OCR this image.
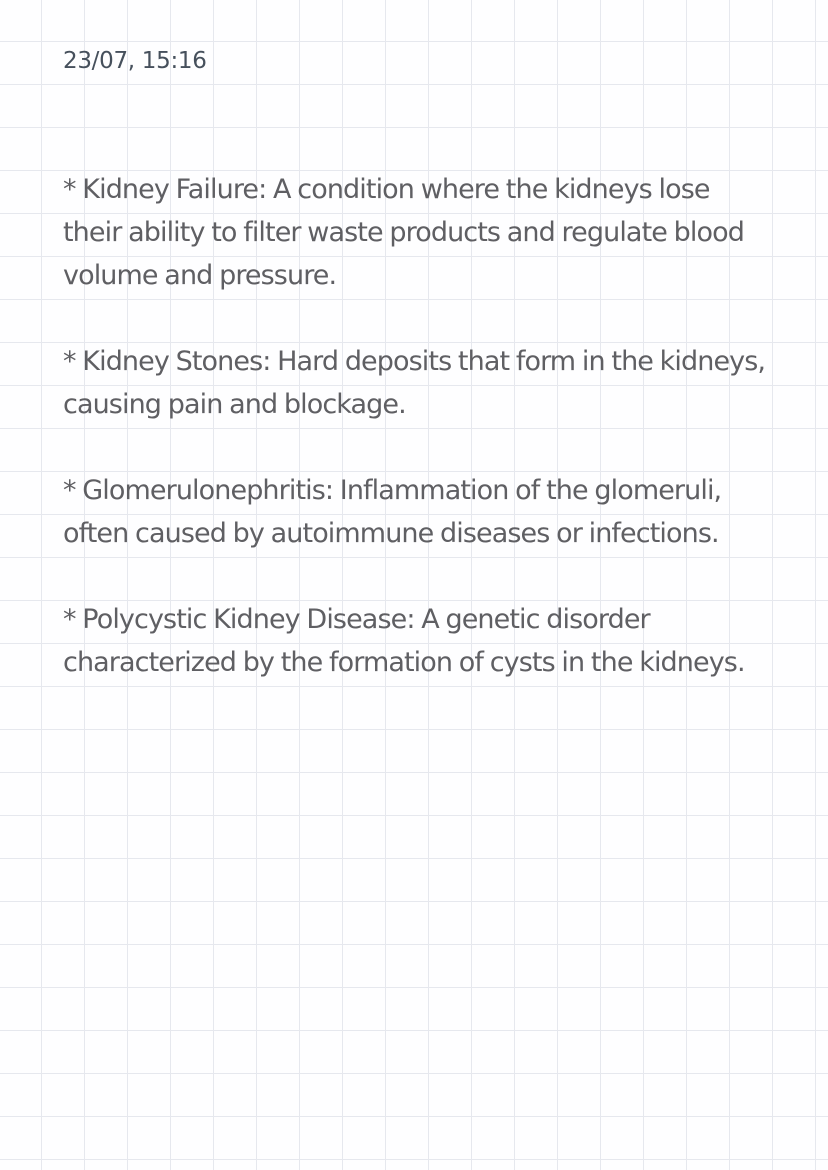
23/07, 15:16

* Kidney Failure: A condition where the kidneys lose their ability to filter waste products and regulate blood volume and pressure.

* Kidney Stones: Hard deposits that form in the kidneys, causing pain and blockage.

* Glomerulonephritis: Inflammation of the glomeruli, often caused by autoimmune diseases or infections.

* Polycystic Kidney Disease: A genetic disorder characterized by the formation of cysts in the kidneys.
